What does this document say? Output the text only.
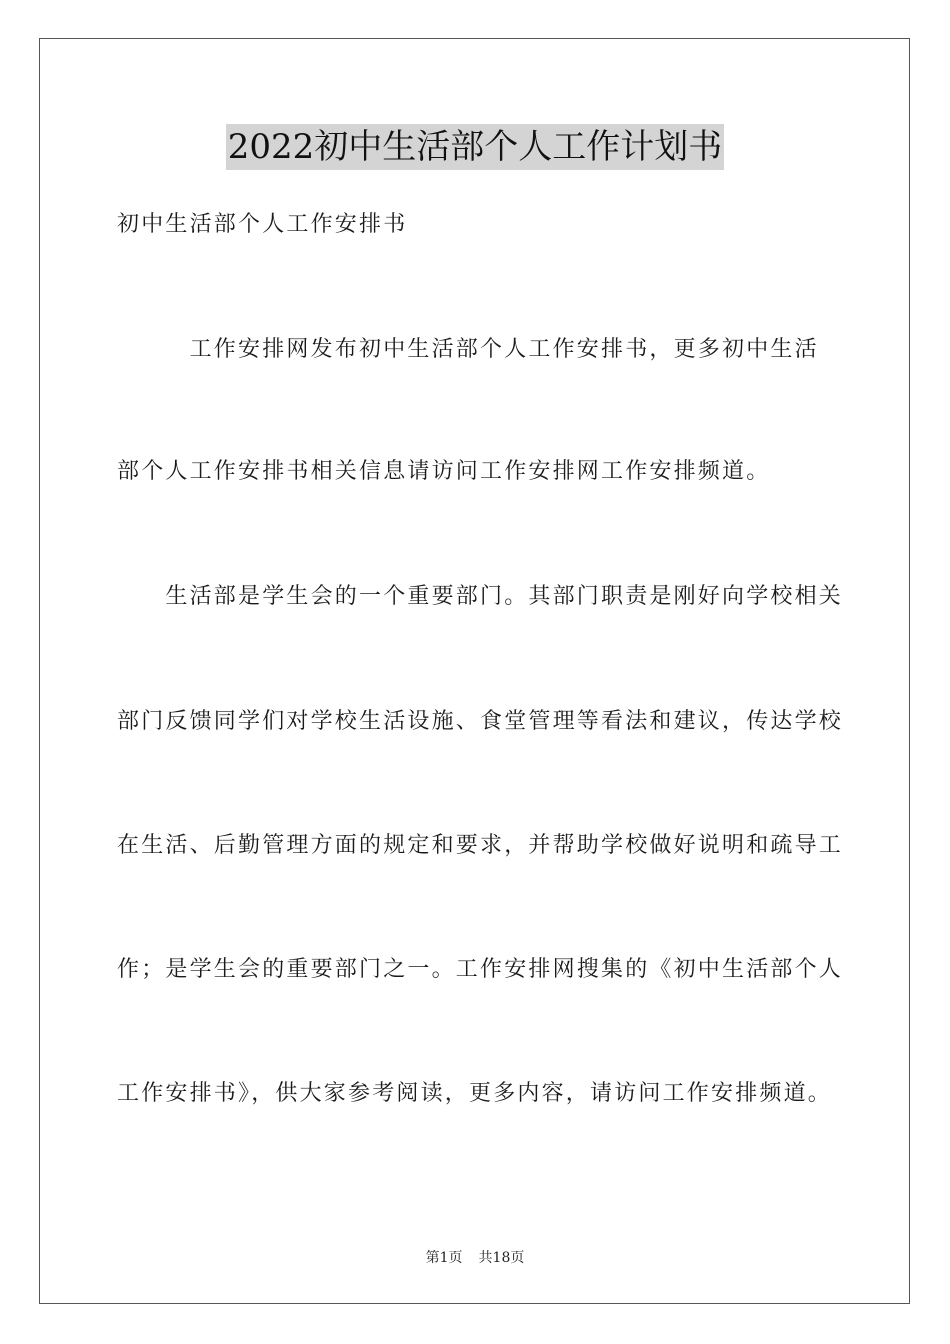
2022初中生活部个人工作计划书
初中生活部个人工作安排书
　　　工作安排网发布初中生活部个人工作安排书，更多初中生活
部个人工作安排书相关信息请访问工作安排网工作安排频道。
　　生活部是学生会的一个重要部门。其部门职责是刚好向学校相关
部门反馈同学们对学校生活设施、食堂管理等看法和建议，传达学校
在生活、后勤管理方面的规定和要求，并帮助学校做好说明和疏导工
作；是学生会的重要部门之一。工作安排网搜集的《初中生活部个人
工作安排书》，供大家参考阅读，更多内容，请访问工作安排频道。
第1页 共18页
